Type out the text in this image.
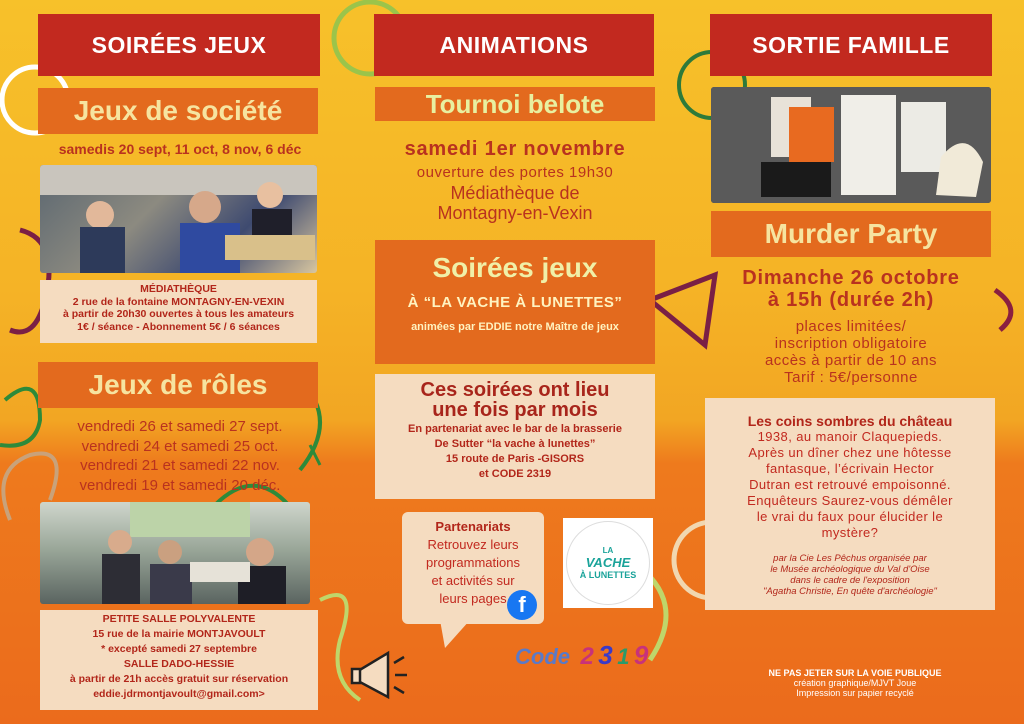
SOIRÉES JEUX
Jeux de société
samedis 20 sept, 11 oct, 8 nov, 6 déc
MÉDIATHÈQUE
2 rue de la fontaine MONTAGNY-EN-VEXIN
à partir de 20h30 ouvertes à tous les amateurs
1€ / séance - Abonnement 5€ / 6 séances
Jeux de rôles
vendredi 26 et samedi 27 sept.
vendredi 24 et samedi 25 oct.
vendredi 21 et samedi 22 nov.
vendredi 19 et samedi 20 déc.
PETITE SALLE POLYVALENTE
15 rue de la mairie MONTJAVOULT
* excepté samedi 27 septembre
SALLE DADO-HESSIE
à partir de 21h accès gratuit sur réservation
eddie.jdrmontjavoult@gmail.com>
ANIMATIONS
Tournoi belote
samedi 1er novembre
ouverture des portes 19h30
Médiathèque de
Montagny-en-Vexin
Soirées jeux
À “LA VACHE À LUNETTES”
animées par EDDIE notre Maître de jeux
Ces soirées ont lieu
une fois par mois
En partenariat avec le bar de la brasserie
De Sutter “la vache à lunettes”
15 route de Paris -GISORS
et CODE 2319
Partenariats
Retrouvez leurs
programmations
et activités sur
leurs pages f
LA
VACHE
À LUNETTES
Code 2 3 1 9
SORTIE FAMILLE
Murder Party
Dimanche 26 octobre
à 15h (durée 2h)
places limitées/
inscription obligatoire
accès à partir de 10 ans
Tarif : 5€/personne
Les coins sombres du château
1938, au manoir Claquepieds.
Après un dîner chez une hôtesse
fantasque, l’écrivain Hector
Dutran est retrouvé empoisonné.
Enquêteurs Saurez-vous démêler
le vrai du faux pour élucider le
mystère?
par la Cie Les Pêchus organisée par
le Musée archéologique du Val d'Oise
dans le cadre de l'exposition
"Agatha Christie, En quête d'archéologie"
NE PAS JETER SUR LA VOIE PUBLIQUE
création graphique/MJVT Joue
Impression sur papier recyclé
